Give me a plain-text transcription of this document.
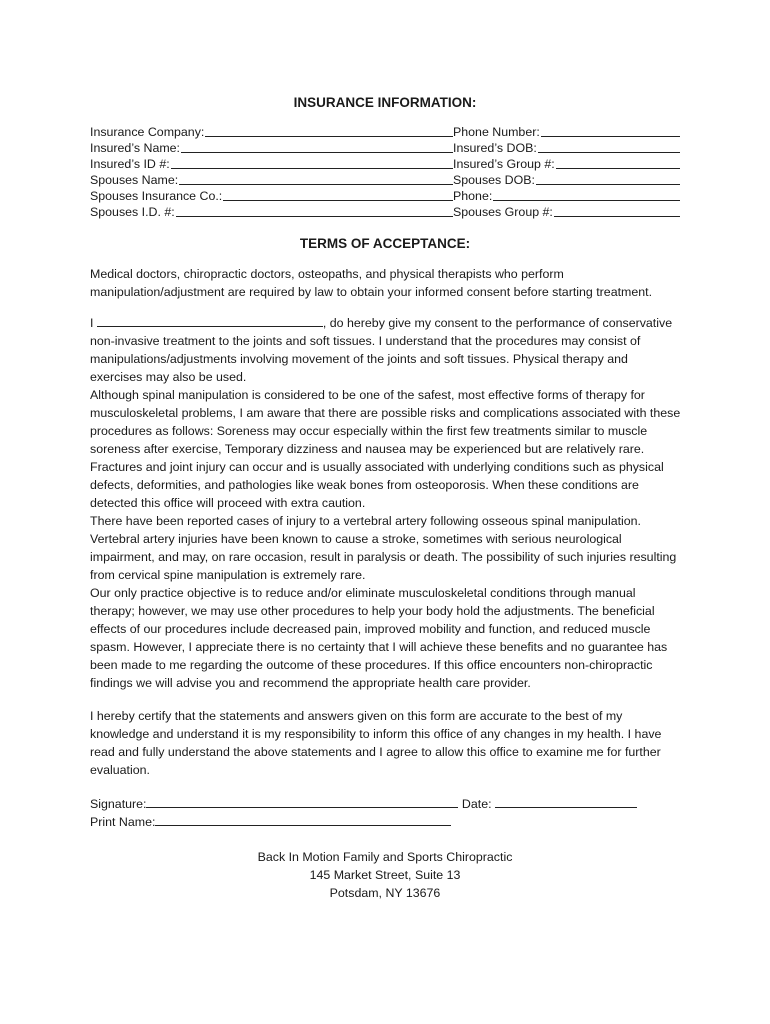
INSURANCE INFORMATION:
Insurance Company:	Phone Number:
Insured’s Name:	Insured’s DOB:
Insured’s ID #:	Insured’s Group #:
Spouses Name:	Spouses DOB:
Spouses Insurance Co.:	Phone:
Spouses I.D. #:	Spouses Group #:
TERMS OF ACCEPTANCE:

Medical doctors, chiropractic doctors, osteopaths, and physical therapists who perform manipulation/adjustment are required by law to obtain your informed consent before starting treatment.

I	, do hereby give my consent to the performance of conservative non-invasive treatment to the joints and soft tissues. I understand that the procedures may consist of manipulations/adjustments involving movement of the joints and soft tissues. Physical therapy and exercises may also be used.

Although spinal manipulation is considered to be one of the safest, most effective forms of therapy for musculoskeletal problems, I am aware that there are possible risks and complications associated with these procedures as follows: Soreness may occur especially within the first few treatments similar to muscle soreness after exercise, Temporary dizziness and nausea may be experienced but are relatively rare. Fractures and joint injury can occur and is usually associated with underlying conditions such as physical defects, deformities, and pathologies like weak bones from osteoporosis. When these conditions are detected this office will proceed with extra caution.

There have been reported cases of injury to a vertebral artery following osseous spinal manipulation. Vertebral artery injuries have been known to cause a stroke, sometimes with serious neurological impairment, and may, on rare occasion, result in paralysis or death. The possibility of such injuries resulting from cervical spine manipulation is extremely rare.

Our only practice objective is to reduce and/or eliminate musculoskeletal conditions through manual therapy; however, we may use other procedures to help your body hold the adjustments. The beneficial effects of our procedures include decreased pain, improved mobility and function, and reduced muscle spasm. However, I appreciate there is no certainty that I will achieve these benefits and no guarantee has been made to me regarding the outcome of these procedures. If this office encounters non-chiropractic findings we will advise you and recommend the appropriate health care provider.

I hereby certify that the statements and answers given on this form are accurate to the best of my knowledge and understand it is my responsibility to inform this office of any changes in my health. I have read and fully understand the above statements and I agree to allow this office to examine me for further evaluation.

Signature:	Date:
Print Name:
Back In Motion Family and Sports Chiropractic
145 Market Street, Suite 13
Potsdam, NY 13676
